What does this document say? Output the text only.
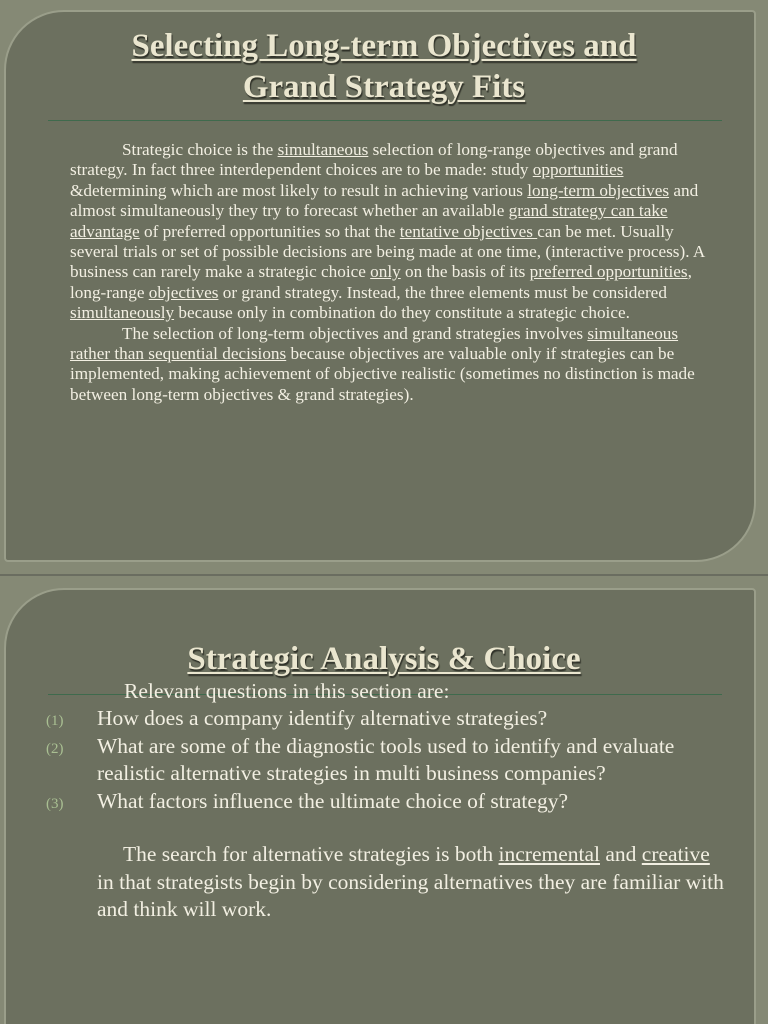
Selecting Long-term Objectives and
Grand Strategy Fits

Strategic choice is the simultaneous selection of long-range objectives and grand strategy. In fact three interdependent choices are to be made: study opportunities &determining which are most likely to result in achieving various long-term objectives and almost simultaneously they try to forecast whether an available grand strategy can take advantage of preferred opportunities so that the tentative objectives can be met. Usually several trials or set of possible decisions are being made at one time, (interactive process). A business can rarely make a strategic choice only on the basis of its preferred opportunities, long-range objectives or grand strategy. Instead, the three elements must be considered simultaneously because only in combination do they constitute a strategic choice.

The selection of long-term objectives and grand strategies involves simultaneous rather than sequential decisions because objectives are valuable only if strategies can be implemented, making achievement of objective realistic (sometimes no distinction is made between long-term objectives & grand strategies).

Strategic Analysis & Choice

Relevant questions in this section are:

(1) How does a company identify alternative strategies?
(2) What are some of the diagnostic tools used to identify and evaluate realistic alternative strategies in multi business companies?
(3) What factors influence the ultimate choice of strategy?

The search for alternative strategies is both incremental and creative in that strategists begin by considering alternatives they are familiar with and think will work.
